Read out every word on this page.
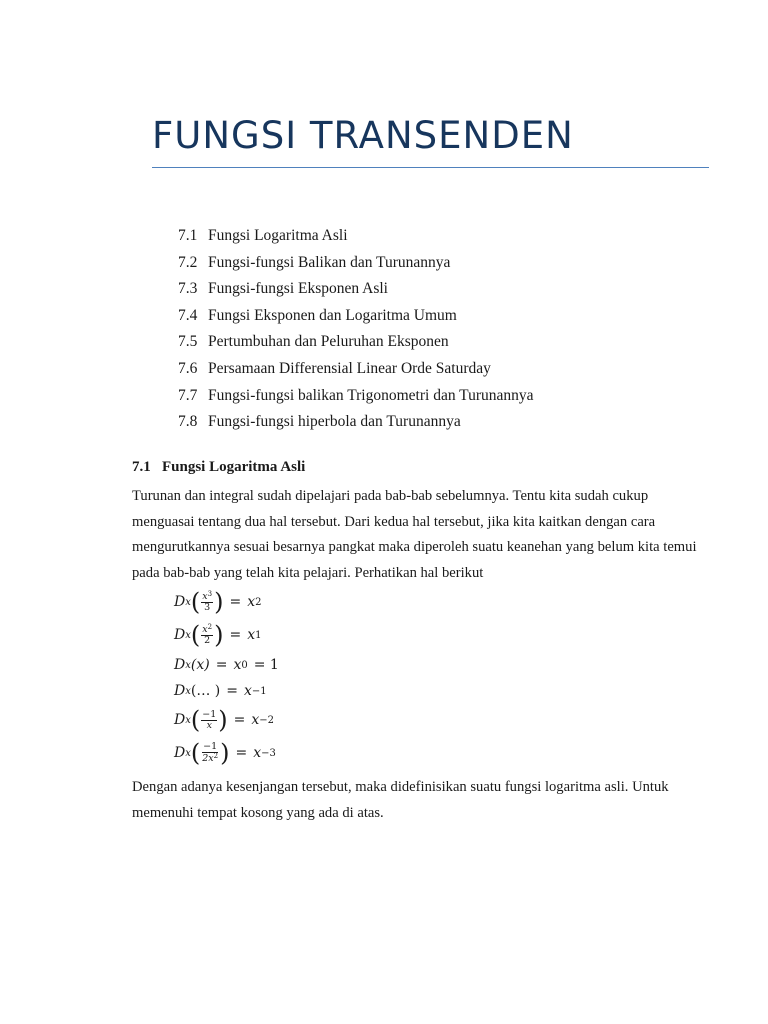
FUNGSI TRANSENDEN
7.1 Fungsi Logaritma Asli
7.2 Fungsi-fungsi Balikan dan Turunannya
7.3 Fungsi-fungsi Eksponen Asli
7.4 Fungsi Eksponen dan Logaritma Umum
7.5 Pertumbuhan dan Peluruhan Eksponen
7.6 Persamaan Differensial Linear Orde Saturday
7.7 Fungsi-fungsi balikan Trigonometri dan Turunannya
7.8 Fungsi-fungsi hiperbola dan Turunannya
7.1 Fungsi Logaritma Asli

Turunan dan integral sudah dipelajari pada bab-bab sebelumnya. Tentu kita sudah cukup
menguasai tentang dua hal tersebut. Dari kedua hal tersebut, jika kita kaitkan dengan cara
mengurutkannya sesuai besarnya pangkat maka diperoleh suatu keanehan yang belum kita temui
pada bab-bab yang telah kita pelajari. Perhatikan hal berikut

D x ( $\frac{x^3}{3}$ ) = x 2
D x ( $\frac{x^2}{2}$ ) = x 1
D x (x) = x 0 = 1
D x (… ) = x −1
D x ( $\frac{-1}{x}$ ) = x −2
D x ( $\frac{-1}{2x^2}$ ) = x −3

Dengan adanya kesenjangan tersebut, maka didefinisikan suatu fungsi logaritma asli. Untuk
memenuhi tempat kosong yang ada di atas.
